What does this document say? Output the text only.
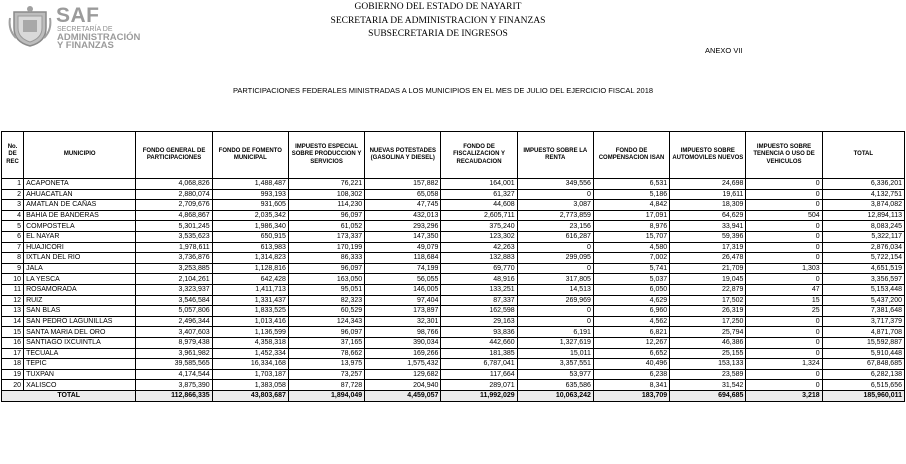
SAF
SECRETARÍA DE
ADMINISTRACIÓN
Y FINANZAS
GOBIERNO DEL ESTADO DE NAYARIT
SECRETARIA DE ADMINISTRACION Y FINANZAS
SUBSECRETARIA DE INGRESOS
ANEXO VII
PARTICIPACIONES FEDERALES MINISTRADAS A LOS MUNICIPIOS EN EL MES DE JULIO DEL EJERCICIO FISCAL 2018
No. DE REC	MUNICIPIO	FONDO GENERAL DE PARTICIPACIONES	FONDO DE FOMENTO MUNICIPAL	IMPUESTO ESPECIAL SOBRE PRODUCCION Y SERVICIOS	NUEVAS POTESTADES (GASOLINA Y DIESEL)	FONDO DE FISCALIZACION Y RECAUDACION	IMPUESTO SOBRE LA RENTA	FONDO DE COMPENSACION ISAN	IMPUESTO SOBRE AUTOMOVILES NUEVOS	IMPUESTO SOBRE TENENCIA O USO DE VEHICULOS	TOTAL
1	ACAPONETA	4,068,826	1,488,487	76,221	157,882	164,001	349,556	6,531	24,698	0	6,336,201
2	AHUACATLAN	2,880,074	993,193	108,302	65,058	61,327	0	5,186	19,611	0	4,132,751
3	AMATLAN DE CAÑAS	2,709,676	931,605	114,230	47,745	44,608	3,087	4,842	18,309	0	3,874,082
4	BAHIA DE BANDERAS	4,868,867	2,035,342	96,097	432,013	2,605,711	2,773,859	17,091	64,629	504	12,894,113
5	COMPOSTELA	5,301,245	1,986,340	61,052	293,296	375,240	23,156	8,976	33,941	0	8,083,245
6	EL NAYAR	3,535,623	650,915	173,337	147,350	123,302	616,287	15,707	59,396	0	5,322,117
7	HUAJICORI	1,978,611	613,983	170,199	49,079	42,263	0	4,580	17,319	0	2,876,034
8	IXTLAN DEL RIO	3,736,876	1,314,823	86,333	118,684	132,883	299,095	7,002	26,478	0	5,722,154
9	JALA	3,253,885	1,128,816	96,097	74,199	69,770	0	5,741	21,709	1,303	4,651,519
10	LA YESCA	2,104,261	642,428	163,050	56,055	48,916	317,805	5,037	19,045	0	3,356,597
11	ROSAMORADA	3,323,937	1,411,713	95,051	146,005	133,251	14,513	6,050	22,879	47	5,153,448
12	RUIZ	3,546,584	1,331,437	82,323	97,404	87,337	269,969	4,629	17,502	15	5,437,200
13	SAN BLAS	5,057,806	1,833,525	60,529	173,897	162,598	0	6,960	26,319	25	7,381,648
14	SAN PEDRO LAGUNILLAS	2,496,344	1,013,416	124,343	32,301	29,163	0	4,562	17,250	0	3,717,379
15	SANTA MARIA DEL ORO	3,407,603	1,136,599	96,097	98,766	93,836	6,191	6,821	25,794	0	4,871,708
16	SANTIAGO IXCUINTLA	8,979,438	4,358,318	37,165	390,034	442,660	1,327,619	12,267	46,386	0	15,592,887
17	TECUALA	3,961,982	1,452,334	78,662	169,266	181,385	15,011	6,652	25,155	0	5,910,448
18	TEPIC	39,585,565	16,334,168	13,975	1,575,432	6,787,041	3,357,551	40,496	153,133	1,324	67,848,685
19	TUXPAN	4,174,544	1,703,187	73,257	129,682	117,664	53,977	6,238	23,589	0	6,282,138
20	XALISCO	3,875,390	1,383,058	87,728	204,940	289,071	635,586	8,341	31,542	0	6,515,656
TOTAL		112,866,335	43,803,687	1,894,049	4,459,057	11,992,029	10,063,242	183,709	694,685	3,218	185,960,011
